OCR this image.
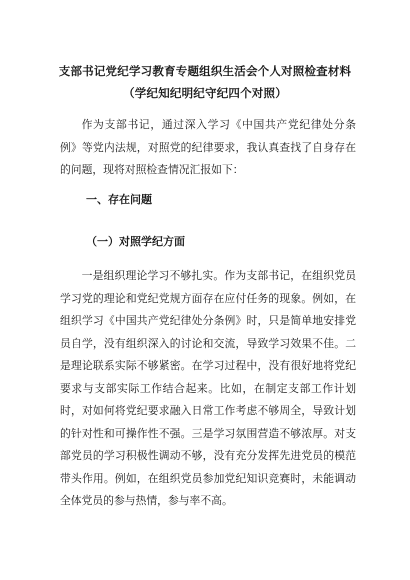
支部书记党纪学习教育专题组织生活会个人对照检查材料
（学纪知纪明纪守纪四个对照）
作为支部书记，通过深入学习《中国共产党纪律处分条例》等党内法规，对照党的纪律要求，我认真查找了自身存在的问题，现将对照检查情况汇报如下：
一、存在问题
（一）对照学纪方面
一是组织理论学习不够扎实。作为支部书记，在组织党员学习党的理论和党纪党规方面存在应付任务的现象。例如，在组织学习《中国共产党纪律处分条例》时，只是简单地安排党员自学，没有组织深入的讨论和交流，导致学习效果不佳。二是理论联系实际不够紧密。在学习过程中，没有很好地将党纪要求与支部实际工作结合起来。比如，在制定支部工作计划时，对如何将党纪要求融入日常工作考虑不够周全，导致计划的针对性和可操作性不强。三是学习氛围营造不够浓厚。对支部党员的学习积极性调动不够，没有充分发挥先进党员的模范带头作用。例如，在组织党员参加党纪知识竞赛时，未能调动全体党员的参与热情，参与率不高。
